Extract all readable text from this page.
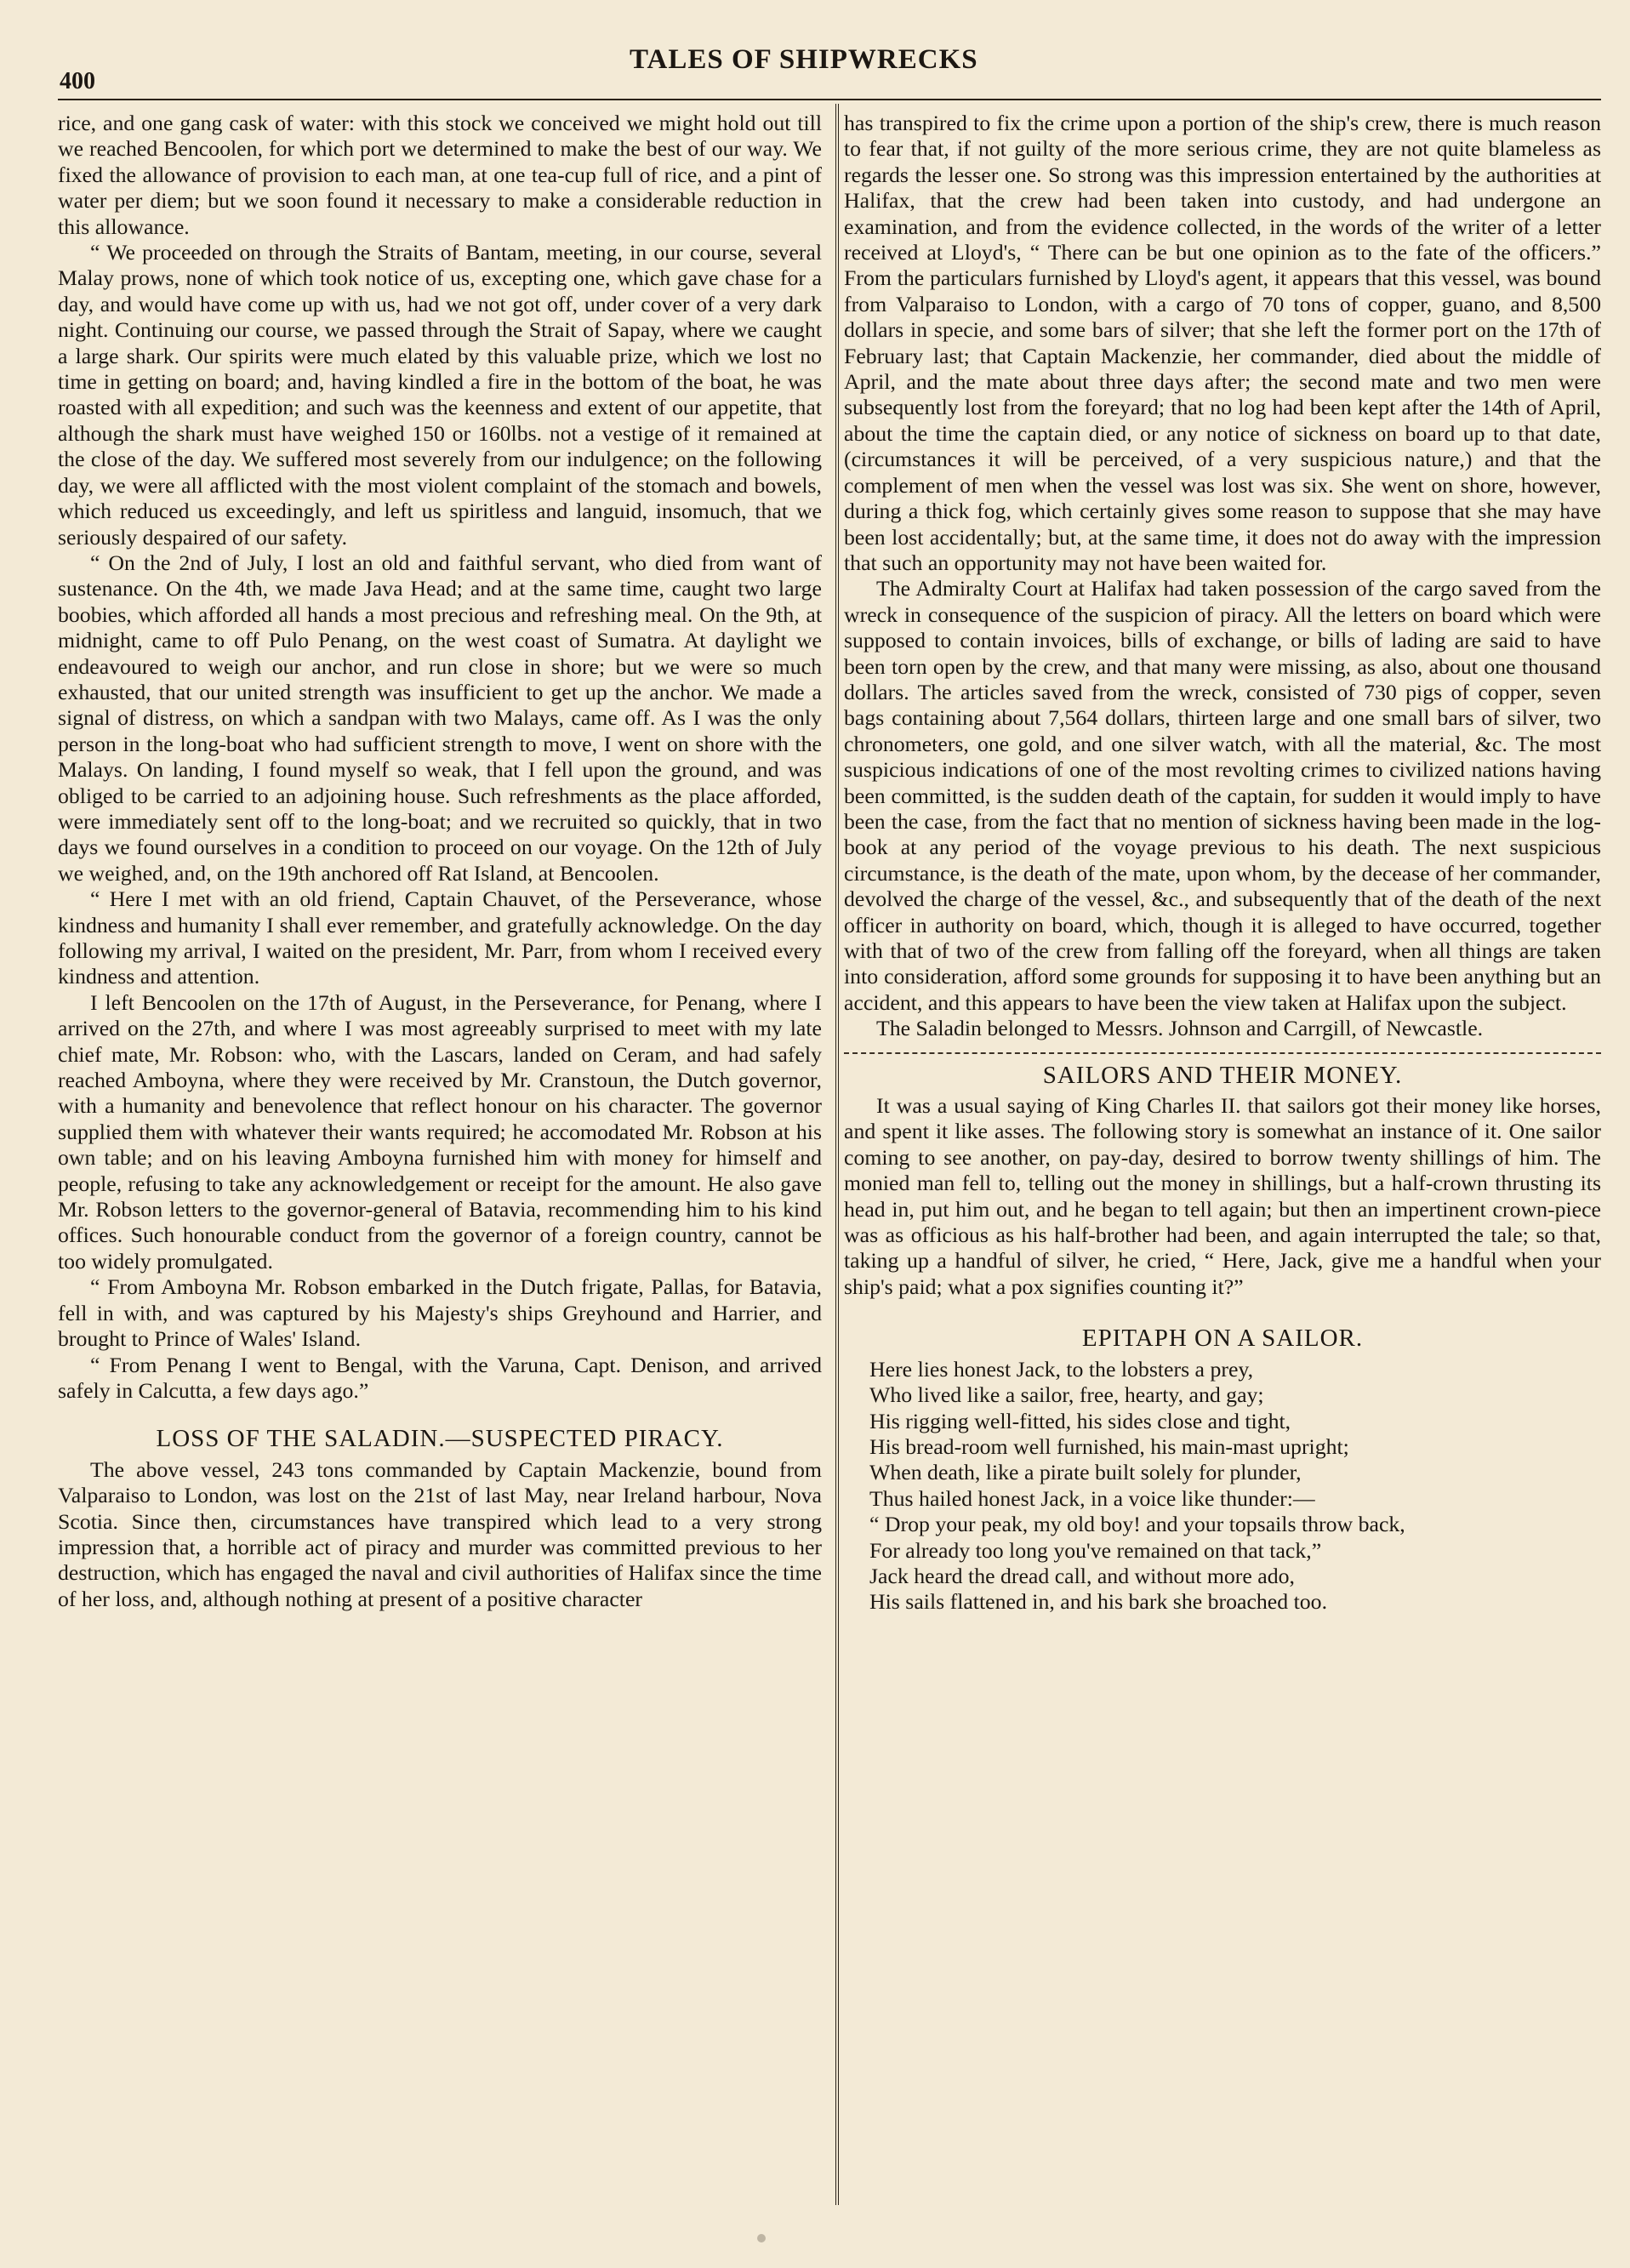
400
TALES OF SHIPWRECKS

rice, and one gang cask of water: with this stock we conceived we might hold out till we reached Bencoolen, for which port we determined to make the best of our way. We fixed the allowance of provision to each man, at one tea-cup full of rice, and a pint of water per diem; but we soon found it necessary to make a considerable reduction in this allowance.

“ We proceeded on through the Straits of Bantam, meeting, in our course, several Malay prows, none of which took notice of us, excepting one, which gave chase for a day, and would have come up with us, had we not got off, under cover of a very dark night. Continuing our course, we passed through the Strait of Sapay, where we caught a large shark. Our spirits were much elated by this valuable prize, which we lost no time in getting on board; and, having kindled a fire in the bottom of the boat, he was roasted with all expedition; and such was the keenness and extent of our appetite, that although the shark must have weighed 150 or 160lbs. not a vestige of it remained at the close of the day. We suffered most severely from our indulgence; on the following day, we were all afflicted with the most violent complaint of the stomach and bowels, which reduced us exceedingly, and left us spiritless and languid, insomuch, that we seriously despaired of our safety.

“ On the 2nd of July, I lost an old and faithful servant, who died from want of sustenance. On the 4th, we made Java Head; and at the same time, caught two large boobies, which afforded all hands a most precious and refreshing meal. On the 9th, at midnight, came to off Pulo Penang, on the west coast of Sumatra. At daylight we endeavoured to weigh our anchor, and run close in shore; but we were so much exhausted, that our united strength was insufficient to get up the anchor. We made a signal of distress, on which a sandpan with two Malays, came off. As I was the only person in the long-boat who had sufficient strength to move, I went on shore with the Malays. On landing, I found myself so weak, that I fell upon the ground, and was obliged to be carried to an adjoining house. Such refreshments as the place afforded, were immediately sent off to the long-boat; and we recruited so quickly, that in two days we found ourselves in a condition to proceed on our voyage. On the 12th of July we weighed, and, on the 19th anchored off Rat Island, at Bencoolen.

“ Here I met with an old friend, Captain Chauvet, of the Perseverance, whose kindness and humanity I shall ever remember, and gratefully acknowledge. On the day following my arrival, I waited on the president, Mr. Parr, from whom I received every kindness and attention.

I left Bencoolen on the 17th of August, in the Perseverance, for Penang, where I arrived on the 27th, and where I was most agreeably surprised to meet with my late chief mate, Mr. Robson: who, with the Lascars, landed on Ceram, and had safely reached Amboyna, where they were received by Mr. Cranstoun, the Dutch governor, with a humanity and benevolence that reflect honour on his character. The governor supplied them with whatever their wants required; he accomodated Mr. Robson at his own table; and on his leaving Amboyna furnished him with money for himself and people, refusing to take any acknowledgement or receipt for the amount. He also gave Mr. Robson letters to the governor-general of Batavia, recommending him to his kind offices. Such honourable conduct from the governor of a foreign country, cannot be too widely promulgated.

“ From Amboyna Mr. Robson embarked in the Dutch frigate, Pallas, for Batavia, fell in with, and was captured by his Majesty's ships Greyhound and Harrier, and brought to Prince of Wales' Island.

“ From Penang I went to Bengal, with the Varuna, Capt. Denison, and arrived safely in Calcutta, a few days ago.”

LOSS OF THE SALADIN.—SUSPECTED PIRACY.

The above vessel, 243 tons commanded by Captain Mackenzie, bound from Valparaiso to London, was lost on the 21st of last May, near Ireland harbour, Nova Scotia. Since then, circumstances have transpired which lead to a very strong impression that, a horrible act of piracy and murder was committed previous to her destruction, which has engaged the naval and civil authorities of Halifax since the time of her loss, and, although nothing at present of a positive character

has transpired to fix the crime upon a portion of the ship's crew, there is much reason to fear that, if not guilty of the more serious crime, they are not quite blameless as regards the lesser one. So strong was this impression entertained by the authorities at Halifax, that the crew had been taken into custody, and had undergone an examination, and from the evidence collected, in the words of the writer of a letter received at Lloyd's, “ There can be but one opinion as to the fate of the officers.” From the particulars furnished by Lloyd's agent, it appears that this vessel, was bound from Valparaiso to London, with a cargo of 70 tons of copper, guano, and 8,500 dollars in specie, and some bars of silver; that she left the former port on the 17th of February last; that Captain Mackenzie, her commander, died about the middle of April, and the mate about three days after; the second mate and two men were subsequently lost from the foreyard; that no log had been kept after the 14th of April, about the time the captain died, or any notice of sickness on board up to that date, (circumstances it will be perceived, of a very suspicious nature,) and that the complement of men when the vessel was lost was six. She went on shore, however, during a thick fog, which certainly gives some reason to suppose that she may have been lost accidentally; but, at the same time, it does not do away with the impression that such an opportunity may not have been waited for.

The Admiralty Court at Halifax had taken possession of the cargo saved from the wreck in consequence of the suspicion of piracy. All the letters on board which were supposed to contain invoices, bills of exchange, or bills of lading are said to have been torn open by the crew, and that many were missing, as also, about one thousand dollars. The articles saved from the wreck, consisted of 730 pigs of copper, seven bags containing about 7,564 dollars, thirteen large and one small bars of silver, two chronometers, one gold, and one silver watch, with all the material, &c. The most suspicious indications of one of the most revolting crimes to civilized nations having been committed, is the sudden death of the captain, for sudden it would imply to have been the case, from the fact that no mention of sickness having been made in the log-book at any period of the voyage previous to his death. The next suspicious circumstance, is the death of the mate, upon whom, by the decease of her commander, devolved the charge of the vessel, &c., and subsequently that of the death of the next officer in authority on board, which, though it is alleged to have occurred, together with that of two of the crew from falling off the foreyard, when all things are taken into consideration, afford some grounds for supposing it to have been anything but an accident, and this appears to have been the view taken at Halifax upon the subject.

The Saladin belonged to Messrs. Johnson and Carrgill, of Newcastle.

SAILORS AND THEIR MONEY.

It was a usual saying of King Charles II. that sailors got their money like horses, and spent it like asses. The following story is somewhat an instance of it. One sailor coming to see another, on pay-day, desired to borrow twenty shillings of him. The monied man fell to, telling out the money in shillings, but a half-crown thrusting its head in, put him out, and he began to tell again; but then an impertinent crown-piece was as officious as his half-brother had been, and again interrupted the tale; so that, taking up a handful of silver, he cried, “ Here, Jack, give me a handful when your ship's paid; what a pox signifies counting it?”

EPITAPH ON A SAILOR.
Here lies honest Jack, to the lobsters a prey,
Who lived like a sailor, free, hearty, and gay;
His rigging well-fitted, his sides close and tight,
His bread-room well furnished, his main-mast upright;
When death, like a pirate built solely for plunder,
Thus hailed honest Jack, in a voice like thunder:—
“ Drop your peak, my old boy! and your topsails throw back,
For already too long you've remained on that tack,”
Jack heard the dread call, and without more ado,
His sails flattened in, and his bark she broached too.
